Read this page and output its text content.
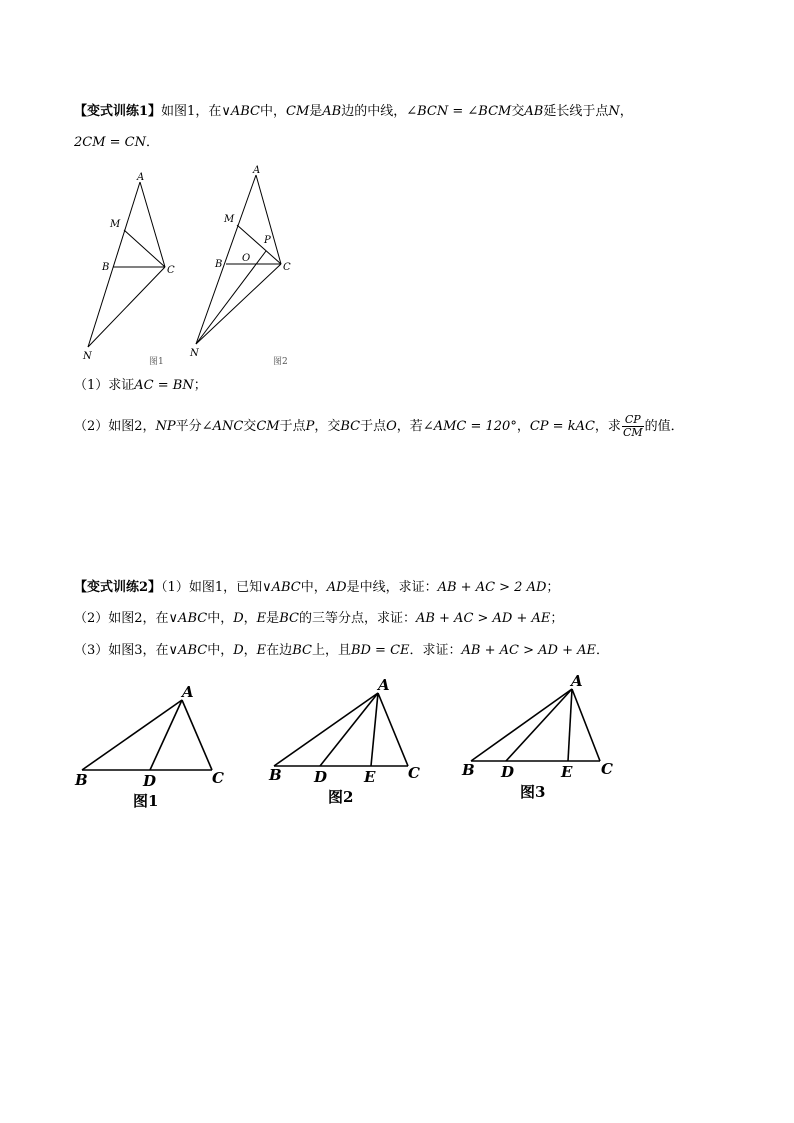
【变式训练1】如图1，在∨ABC中，CM是AB边的中线，∠BCN = ∠BCM交AB延长线于点N，
2CM = CN．
（1）求证AC = BN；
（2）如图2，NP平分∠ANC交CM于点P，交BC于点O，若∠AMC = 120°，CP = kAC，求 $\frac{CP}{CM}$ 的值．
【变式训练2】（1）如图1，已知∨ABC中，AD是中线，求证：AB + AC > 2 AD；
（2）如图2，在∨ABC中，D，E是BC的三等分点，求证：AB + AC > AD + AE；
（3）如图3，在∨ABC中，D，E在边BC上，且BD = CE．求证：AB + AC > AD + AE．
A
M
B	C
N	图1
A
M
P
B
O
C
N
图2
A
B	D	C
图1
A
B D E C
图2
A
B D	E C
图3
